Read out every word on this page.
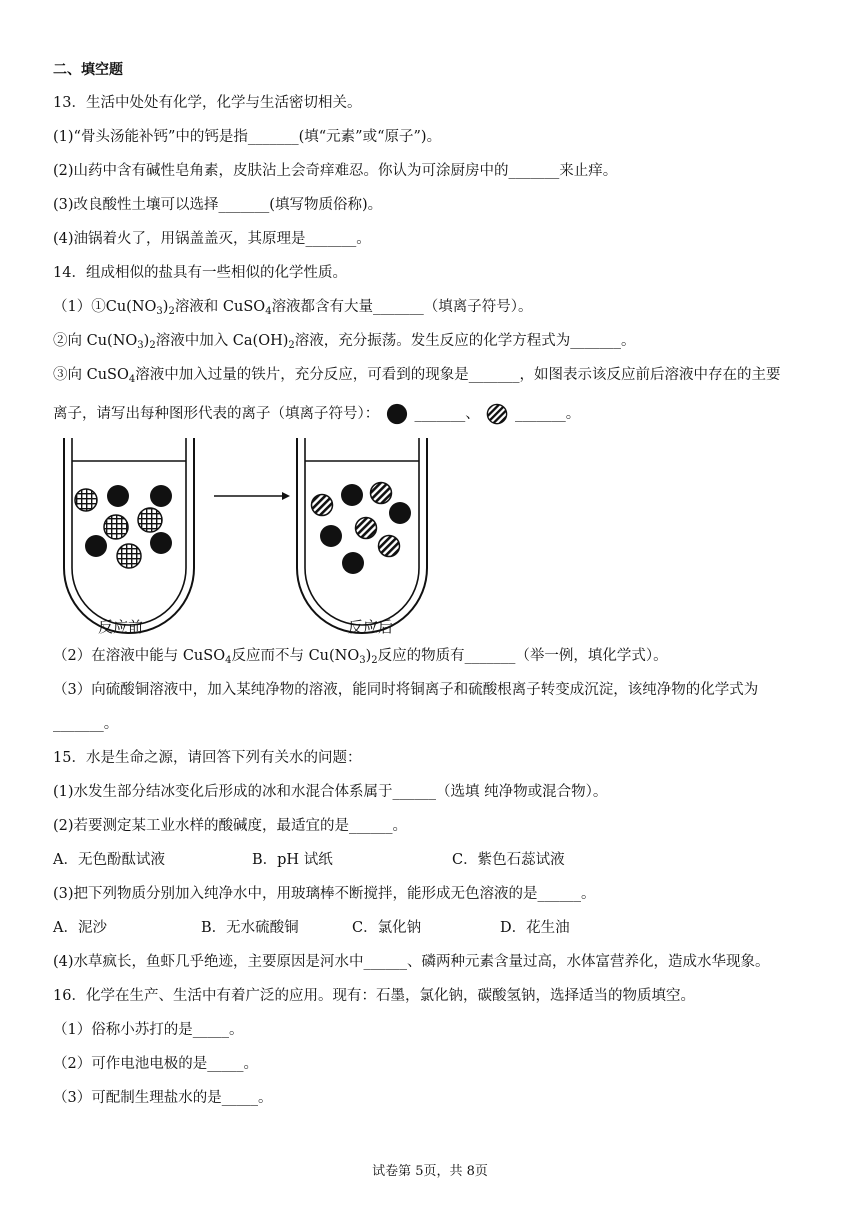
二、填空题
13．生活中处处有化学，化学与生活密切相关。
(1)“骨头汤能补钙”中的钙是指_______(填“元素”或“原子”)。
(2)山药中含有碱性皂角素，皮肤沾上会奇痒难忍。你认为可涂厨房中的_______来止痒。
(3)改良酸性土壤可以选择_______(填写物质俗称)。
(4)油锅着火了，用锅盖盖灭，其原理是_______。
14．组成相似的盐具有一些相似的化学性质。
$(1)①Cu(NO_3)_2$溶液和 CuSO$_4$溶液都含有大量_______（填离子符号）。
②向 $Cu(NO_3)_2$溶液中加入 $Ca(OH)_2$溶液，充分振荡。发生反应的化学方程式为_______。
③向 CuSO$_4$溶液中加入过量的铁片，充分反应，可看到的现象是_______，如图表示该反应前后溶液中存在的主要
离子，请写出每种图形代表的离子（填离子符号）： _______、 _______。
反应前	反应后
（2）在溶液中能与 CuSO$_4$反应而不与 $Cu(NO_3)_2$反应的物质有_______（举一例，填化学式）。
（3）向硫酸铜溶液中，加入某纯净物的溶液，能同时将铜离子和硫酸根离子转变成沉淀，该纯净物的化学式为
_______。
15．水是生命之源，请回答下列有关水的问题：
(1)水发生部分结冰变化后形成的冰和水混合体系属于______（选填 纯净物或混合物）。
(2)若要测定某工业水样的酸碱度，最适宜的是______。
A．无色酚酞试液	B．pH 试纸	C．紫色石蕊试液
(3)把下列物质分别加入纯净水中，用玻璃棒不断搅拌，能形成无色溶液的是______。
A．泥沙	B．无水硫酸铜	C．氯化钠	D．花生油
(4)水草疯长，鱼虾几乎绝迹，主要原因是河水中______、磷两种元素含量过高，水体富营养化，造成水华现象。
16．化学在生产、生活中有着广泛的应用。现有：石墨，氯化钠，碳酸氢钠，选择适当的物质填空。
（1）俗称小苏打的是_____。
（2）可作电池电极的是_____。
（3）可配制生理盐水的是_____。
试卷第 5页，共 8页
